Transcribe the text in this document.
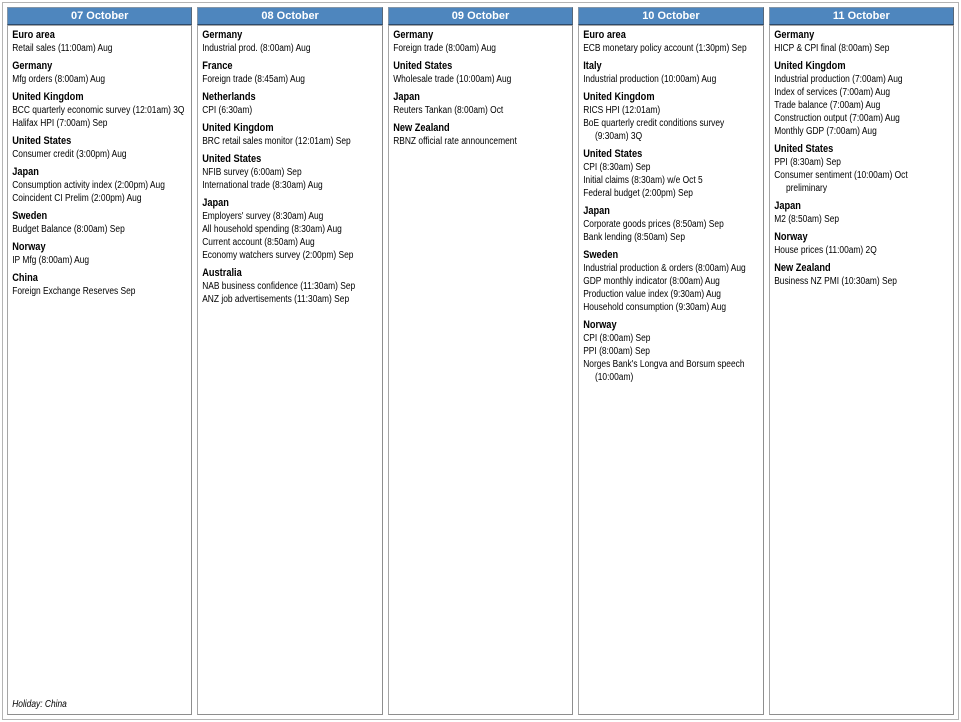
07 October
Euro area
Retail sales (11:00am) Aug
Germany
Mfg orders (8:00am) Aug
United Kingdom
BCC quarterly economic survey (12:01am) 3Q
Halifax HPI (7:00am) Sep
United States
Consumer credit (3:00pm) Aug
Japan
Consumption activity index (2:00pm) Aug
Coincident CI Prelim (2:00pm) Aug
Sweden
Budget Balance (8:00am) Sep
Norway
IP Mfg (8:00am) Aug
China
Foreign Exchange Reserves Sep
Holiday: China
08 October
Germany
Industrial prod. (8:00am) Aug
France
Foreign trade (8:45am) Aug
Netherlands
CPI (6:30am)
United Kingdom
BRC retail sales monitor (12:01am) Sep
United States
NFIB survey (6:00am) Sep
International trade (8:30am) Aug
Japan
Employers' survey (8:30am) Aug
All household spending (8:30am) Aug
Current account (8:50am) Aug
Economy watchers survey (2:00pm) Sep
Australia
NAB business confidence (11:30am) Sep
ANZ job advertisements (11:30am) Sep
09 October
Germany
Foreign trade (8:00am) Aug
United States
Wholesale trade (10:00am) Aug
Japan
Reuters Tankan (8:00am) Oct
New Zealand
RBNZ official rate announcement
10 October
Euro area
ECB monetary policy account (1:30pm) Sep
Italy
Industrial production (10:00am) Aug
United Kingdom
RICS HPI (12:01am)
BoE quarterly credit conditions survey (9:30am) 3Q
United States
CPI (8:30am) Sep
Initial claims (8:30am) w/e Oct 5
Federal budget (2:00pm) Sep
Japan
Corporate goods prices (8:50am) Sep
Bank lending (8:50am) Sep
Sweden
Industrial production & orders (8:00am) Aug
GDP monthly indicator (8:00am) Aug
Production value index (9:30am) Aug
Household consumption (9:30am) Aug
Norway
CPI (8:00am) Sep
PPI (8:00am) Sep
Norges Bank's Longva and Borsum speech (10:00am)
11 October
Germany
HICP & CPI final (8:00am) Sep
United Kingdom
Industrial production (7:00am) Aug
Index of services (7:00am) Aug
Trade balance (7:00am) Aug
Construction output (7:00am) Aug
Monthly GDP (7:00am) Aug
United States
PPI (8:30am) Sep
Consumer sentiment (10:00am) Oct preliminary
Japan
M2 (8:50am) Sep
Norway
House prices (11:00am) 2Q
New Zealand
Business NZ PMI (10:30am) Sep
